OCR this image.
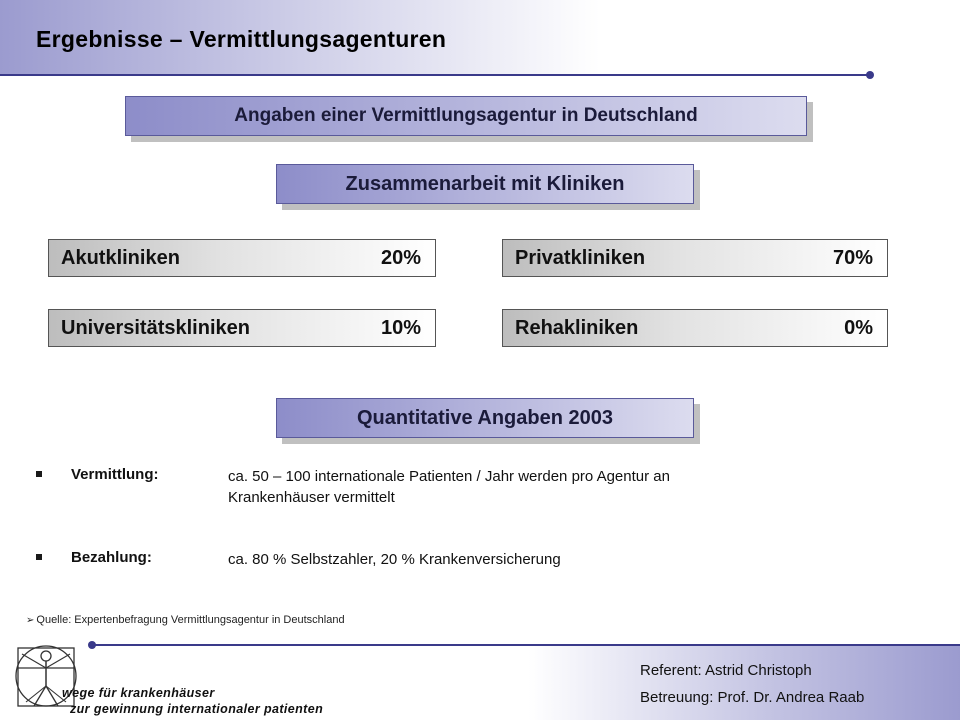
Ergebnisse – Vermittlungsagenturen
Angaben einer Vermittlungsagentur in Deutschland
Zusammenarbeit mit Kliniken
Akutkliniken	20%	Privatkliniken	70%
Universitätskliniken	10%	Rehakliniken	0%
Quantitative Angaben 2003
Vermittlung:	ca. 50 – 100 internationale Patienten / Jahr werden pro Agentur an Krankenhäuser vermittelt
Bezahlung:	ca. 80 % Selbstzahler, 20 % Krankenversicherung
➢ Quelle: Expertenbefragung Vermittlungsagentur in Deutschland
wege für krankenhäuser
zur gewinnung internationaler patienten
Referent: Astrid Christoph
Betreuung: Prof. Dr. Andrea Raab
